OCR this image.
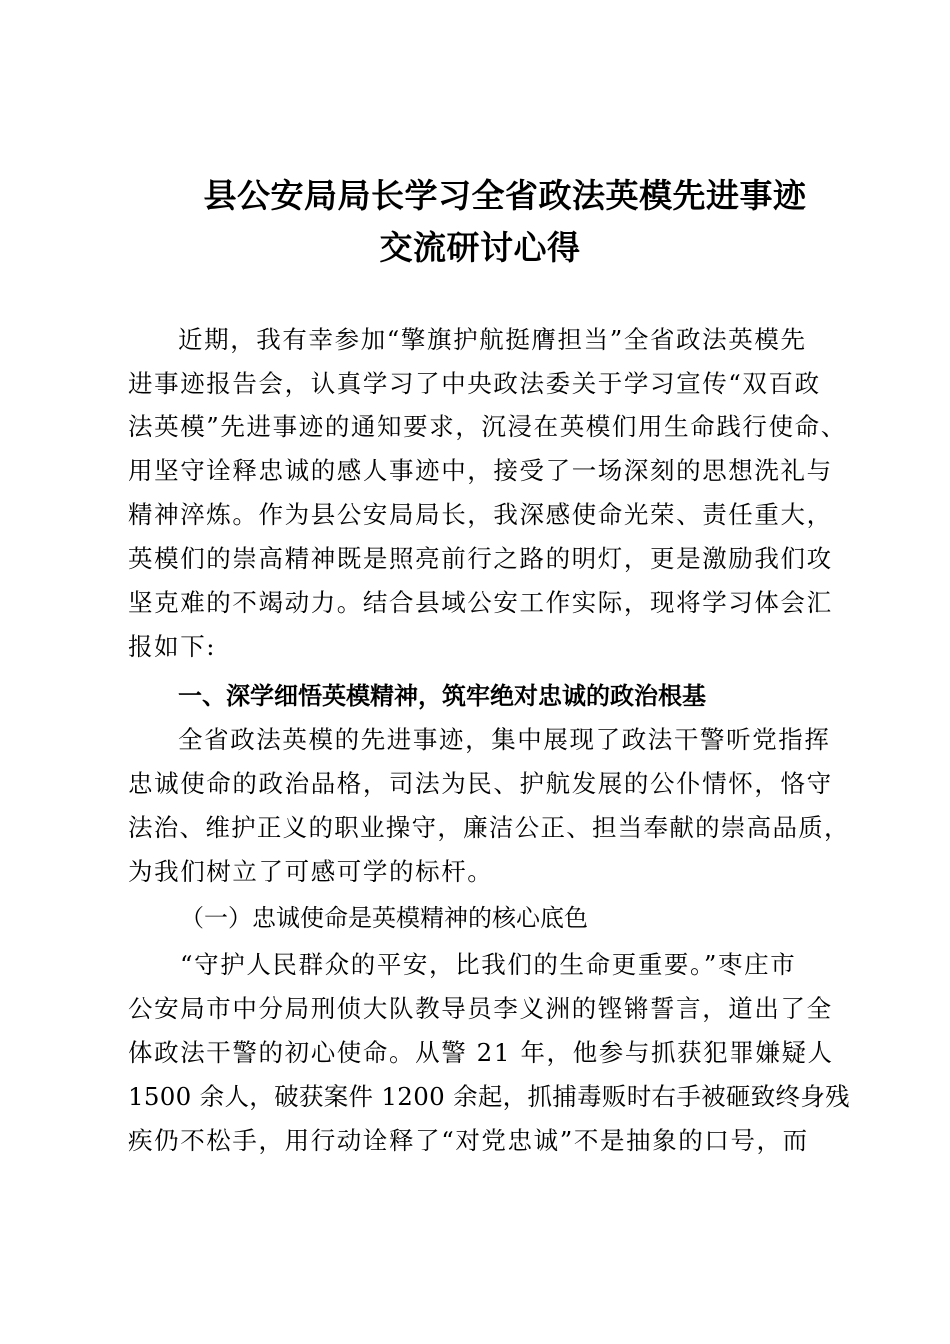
县公安局局长学习全省政法英模先进事迹
交流研讨心得
近期，我有幸参加“擎旗护航挺膺担当”全省政法英模先
进事迹报告会，认真学习了中央政法委关于学习宣传“双百政
法英模”先进事迹的通知要求，沉浸在英模们用生命践行使命、
用坚守诠释忠诚的感人事迹中，接受了一场深刻的思想洗礼与
精神淬炼。作为县公安局局长，我深感使命光荣、责任重大，
英模们的崇高精神既是照亮前行之路的明灯，更是激励我们攻
坚克难的不竭动力。结合县域公安工作实际，现将学习体会汇
报如下:
一、深学细悟英模精神，筑牢绝对忠诚的政治根基
全省政法英模的先进事迹，集中展现了政法干警听党指挥
忠诚使命的政治品格，司法为民、护航发展的公仆情怀，恪守
法治、维护正义的职业操守，廉洁公正、担当奉献的崇高品质，
为我们树立了可感可学的标杆。
（一）忠诚使命是英模精神的核心底色
“守护人民群众的平安，比我们的生命更重要。”枣庄市
公安局市中分局刑侦大队教导员李义洲的铿锵誓言，道出了全
体政法干警的初心使命。从警 21 年，他参与抓获犯罪嫌疑人
1500 余人，破获案件 1200 余起，抓捕毒贩时右手被砸致终身残
疾仍不松手，用行动诠释了“对党忠诚”不是抽象的口号，而
